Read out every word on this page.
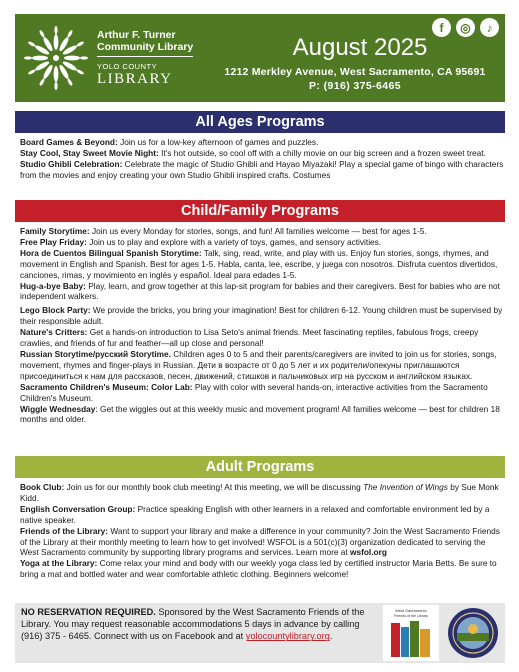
Arthur F. Turner Community Library
YOLO COUNTY
LIBRARY
August 2025
1212 Merkley Avenue, West Sacramento, CA 95691
P: (916) 375-6465
f	◎	♪
All Ages Programs

Board Games & Beyond: Join us for a low-key afternoon of games and puzzles.

Stay Cool, Stay Sweet Movie Night: It's hot outside, so cool off with a chilly movie on our big screen and a frozen sweet treat.

Studio Ghibli Celebration: Celebrate the magic of Studio Ghibli and Hayao Miyazaki! Play a special game of bingo with characters from the movies and enjoy creating your own Studio Ghibli inspired crafts. Costumes

Child/Family Programs

Family Storytime: Join us every Monday for stories, songs, and fun! All families welcome — best for ages 1-5.

Free Play Friday: Join us to play and explore with a variety of toys, games, and sensory activities.

Hora de Cuentos Bilingual Spanish Storytime: Talk, sing, read, write, and play with us. Enjoy fun stories, songs, rhymes, and movement in English and Spanish. Best for ages 1-5. Habla, canta, lee, escribe, y juega con nosotros. Disfruta cuentos divertidos, canciones, rimas, y movimiento en inglés y español. Ideal para edades 1-5.

Hug-a-bye Baby: Play, learn, and grow together at this lap-sit program for babies and their caregivers. Best for babies who are not independent walkers.

Lego Block Party: We provide the bricks, you bring your imagination! Best for children 6-12. Young children must be supervised by their responsible adult.

Nature's Critters: Get a hands-on introduction to Lisa Seto's animal friends. Meet fascinating reptiles, fabulous frogs, creepy crawlies, and friends of fur and feather—all up close and personal!

Russian Storytime/русский Storytime. Children ages 0 to 5 and their parents/caregivers are invited to join us for stories, songs, movement, rhymes and finger-plays in Russian. Дети в возрасте от 0 до 5 лет и их родители/опекуны приглашаются присоединиться к нам для рассказов, песен, движений, стишков и пальчиковых игр на русском и английском языках.

Sacramento Children's Museum: Color Lab: Play with color with several hands-on, interactive activities from the Sacramento Children's Museum.

Wiggle Wednesday: Get the wiggles out at this weekly music and movement program! All families welcome — best for children 18 months and older.

Adult Programs

Book Club: Join us for our monthly book club meeting! At this meeting, we will be discussing The Invention of Wings by Sue Monk Kidd.

English Conversation Group: Practice speaking English with other learners in a relaxed and comfortable environment led by a native speaker.

Friends of the Library: Want to support your library and make a difference in your community? Join the West Sacramento Friends of the Library at their monthly meeting to learn how to get involved! WSFOL is a 501(c)(3) organization dedicated to serving the West Sacramento community by supporting library programs and services. Learn more at wsfol.org

Yoga at the Library: Come relax your mind and body with our weekly yoga class led by certified instructor Maria Betts. Be sure to bring a mat and bottled water and wear comfortable athletic clothing. Beginners welcome!

NO RESERVATION REQUIRED. Sponsored by the West Sacramento Friends of the Library. You may request reasonable accommodations 5 days in advance by calling (916) 375 - 6465. Connect with us on Facebook and at yolocountylibrary.org.
West Sacramento
Friends of the Library
